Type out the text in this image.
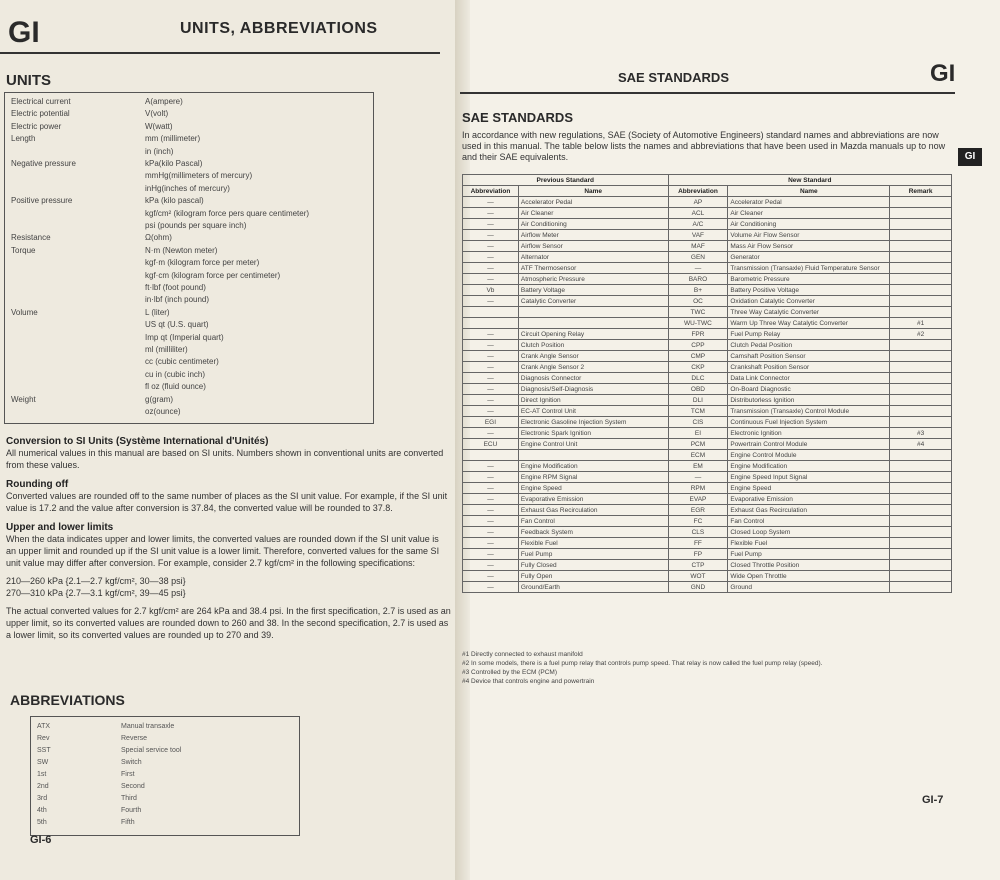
GI	UNITS, ABBREVIATIONS
UNITS
Electrical current	A(ampere)
Electric potential	V(volt)
Electric power	W(watt)
Length	mm (millimeter)
in (inch)
Negative pressure	kPa(kilo Pascal)
mmHg(millimeters of mercury)
inHg(inches of mercury)
Positive pressure	kPa (kilo pascal)
kgf/cm² (kilogram force pers quare centimeter)
psi (pounds per square inch)
Resistance	Ω(ohm)
Torque	N·m (Newton meter)
kgf·m (kilogram force per meter)
kgf·cm (kilogram force per centimeter)
ft·lbf (foot pound)
in·lbf (inch pound)
Volume	L (liter)
US qt (U.S. quart)
Imp qt (Imperial quart)
ml (milliliter)
cc (cubic centimeter)
cu in (cubic inch)
fl oz (fluid ounce)
Weight	g(gram)
oz(ounce)
Conversion to SI Units (Système International d'Unités)
All numerical values in this manual are based on SI units. Numbers shown in conventional units are converted from these values.
Rounding off
Converted values are rounded off to the same number of places as the SI unit value. For example, if the SI unit value is 17.2 and the value after conversion is 37.84, the converted value will be rounded to 37.8.
Upper and lower limits
When the data indicates upper and lower limits, the converted values are rounded down if the SI unit value is an upper limit and rounded up if the SI unit value is a lower limit. Therefore, converted values for the same SI unit value may differ after conversion. For example, consider 2.7 kgf/cm² in the following specifications:
210—260 kPa {2.1—2.7 kgf/cm², 30—38 psi}
270—310 kPa {2.7—3.1 kgf/cm², 39—45 psi}
The actual converted values for 2.7 kgf/cm² are 264 kPa and 38.4 psi. In the first specification, 2.7 is used as an upper limit, so its converted values are rounded down to 260 and 38. In the second specification, 2.7 is used as a lower limit, so its converted values are rounded up to 270 and 39.
ABBREVIATIONS
ATX	Manual transaxle
Rev	Reverse
SST	Special service tool
SW	Switch
1st	First
2nd	Second
3rd	Third
4th	Fourth
5th	Fifth
GI-6
SAE STANDARDS	GI
GI
SAE STANDARDS
In accordance with new regulations, SAE (Society of Automotive Engineers) standard names and abbreviations are now used in this manual. The table below lists the names and abbreviations that have been used in Mazda manuals up to now and their SAE equivalents.
Previous Standard		New Standard		
Abbreviation	Name	Abbreviation	Name	Remark
—	Accelerator Pedal	AP	Accelerator Pedal	
—	Air Cleaner	ACL	Air Cleaner	
—	Air Conditioning	A/C	Air Conditioning	
—	Airflow Meter	VAF	Volume Air Flow Sensor	
—	Airflow Sensor	MAF	Mass Air Flow Sensor	
—	Alternator	GEN	Generator	
—	ATF Thermosensor	—	Transmission (Transaxle) Fluid Temperature Sensor	
—	Atmospheric Pressure	BARO	Barometric Pressure	
Vb	Battery Voltage	B+	Battery Positive Voltage	
—	Catalytic Converter	OC	Oxidation Catalytic Converter	
		TWC	Three Way Catalytic Converter	
		WU-TWC	Warm Up Three Way Catalytic Converter	#1
—	Circuit Opening Relay	FPR	Fuel Pump Relay	#2
—	Clutch Position	CPP	Clutch Pedal Position	
—	Crank Angle Sensor	CMP	Camshaft Position Sensor	
—	Crank Angle Sensor 2	CKP	Crankshaft Position Sensor	
—	Diagnosis Connector	DLC	Data Link Connector	
—	Diagnosis/Self-Diagnosis	OBD	On-Board Diagnostic	
—	Direct Ignition	DLI	Distributorless Ignition	
—	EC-AT Control Unit	TCM	Transmission (Transaxle) Control Module	
EGI	Electronic Gasoline Injection System	CIS	Continuous Fuel Injection System	
—	Electronic Spark Ignition	EI	Electronic Ignition	#3
ECU	Engine Control Unit	PCM	Powertrain Control Module	#4
		ECM	Engine Control Module	
—	Engine Modification	EM	Engine Modification	
—	Engine RPM Signal	—	Engine Speed Input Signal	
—	Engine Speed	RPM	Engine Speed	
—	Evaporative Emission	EVAP	Evaporative Emission	
—	Exhaust Gas Recirculation	EGR	Exhaust Gas Recirculation	
—	Fan Control	FC	Fan Control	
—	Feedback System	CLS	Closed Loop System	
—	Flexible Fuel	FF	Flexible Fuel	
—	Fuel Pump	FP	Fuel Pump	
—	Fully Closed	CTP	Closed Throttle Position	
—	Fully Open	WOT	Wide Open Throttle	
—	Ground/Earth	GND	Ground	
#1 Directly connected to exhaust manifold
#2 In some models, there is a fuel pump relay that controls pump speed. That relay is now called the fuel pump relay (speed).
#3 Controlled by the ECM (PCM)
#4 Device that controls engine and powertrain
GI-7
